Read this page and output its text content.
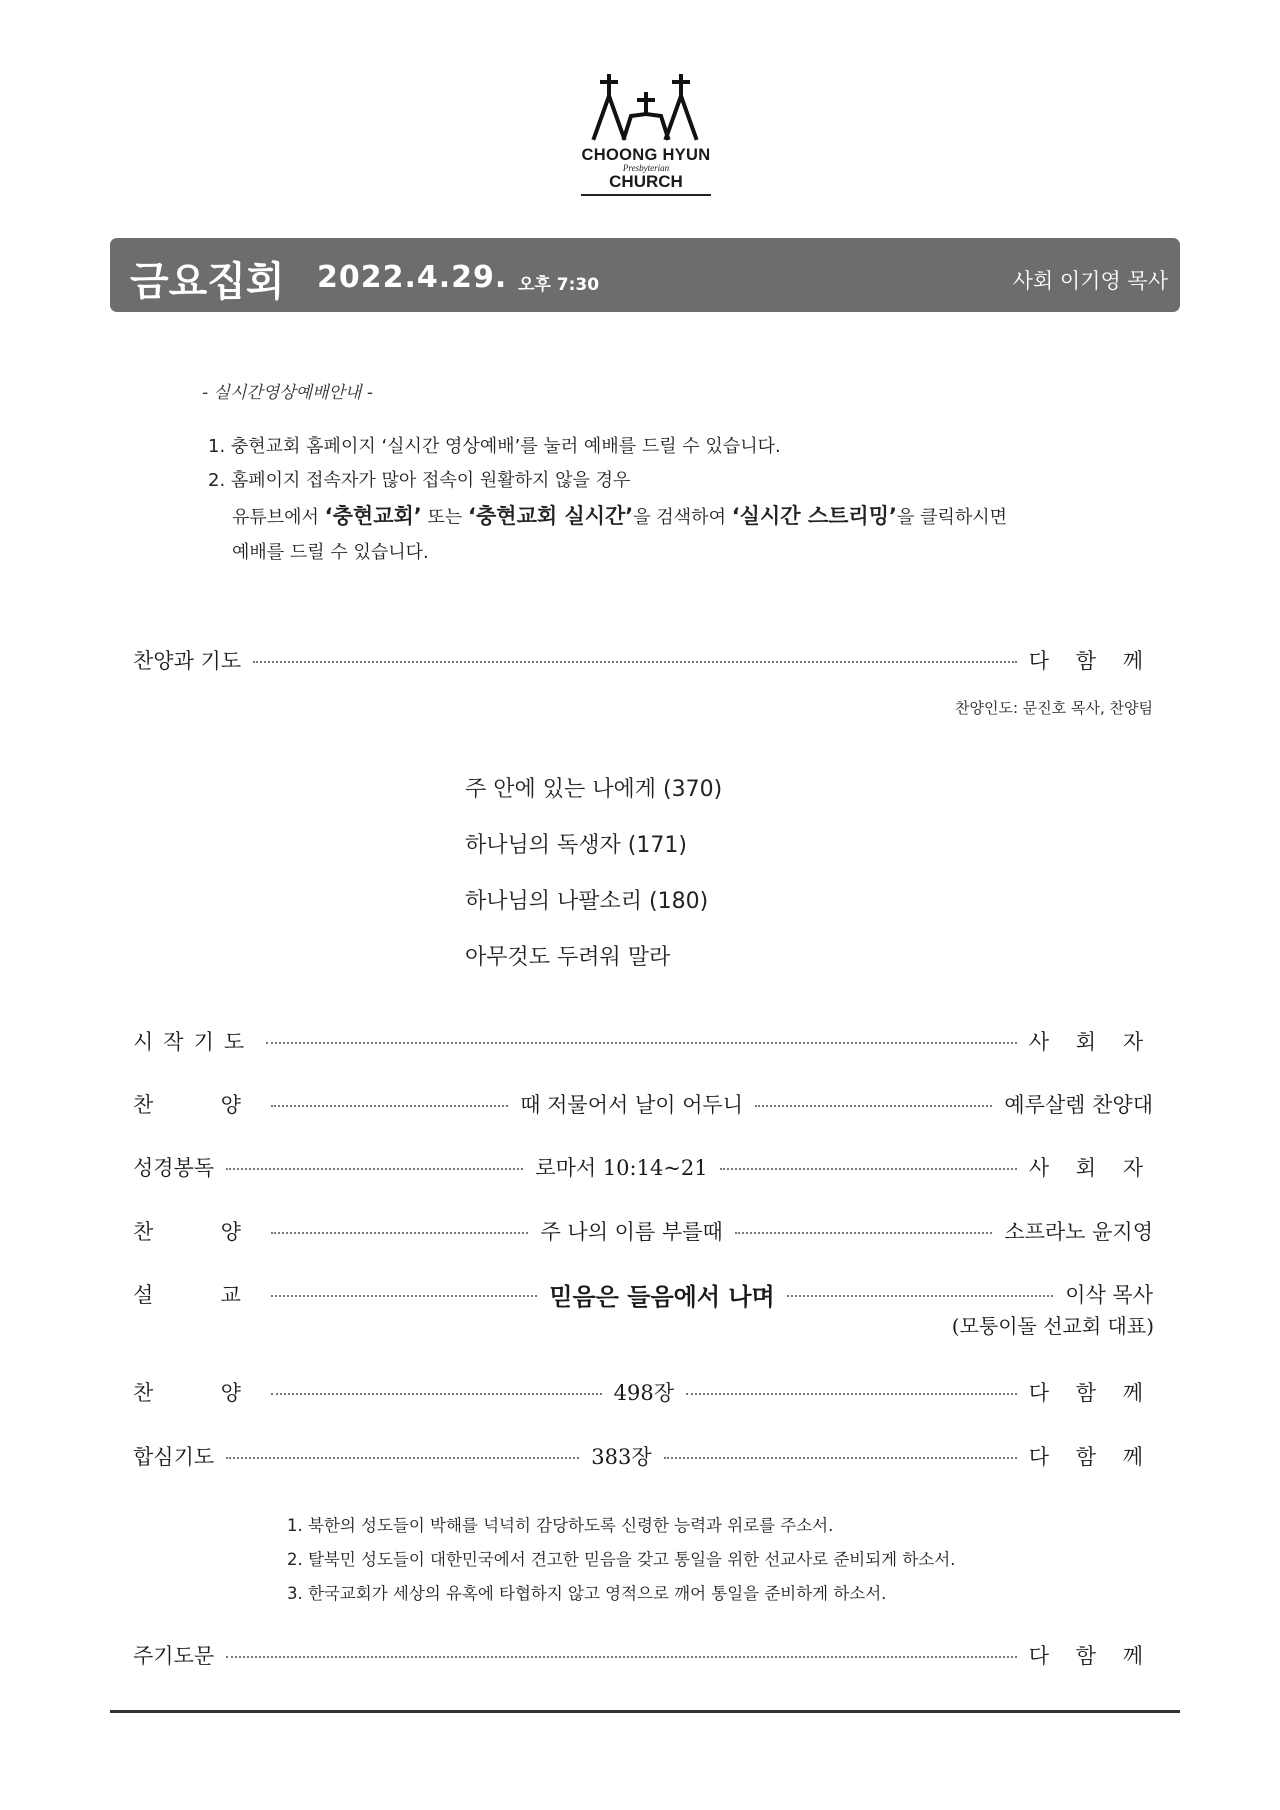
CHOONG HYUN
Presbyterian
CHURCH
금요집회 2022.4.29. 오후 7:30	사회 이기영 목사
- 실시간영상예배안내 -
1. 충현교회 홈페이지 ‘실시간 영상예배’를 눌러 예배를 드릴 수 있습니다.
2. 홈페이지 접속자가 많아 접속이 원활하지 않을 경우
유튜브에서 ‘충현교회’ 또는 ‘충현교회 실시간’을 검색하여 ‘실시간 스트리밍’을 클릭하시면
예배를 드릴 수 있습니다.
찬양과 기도	다 함 께
찬양인도: 문진호 목사, 찬양팀
주 안에 있는 나에게 (370)
하나님의 독생자 (171)
하나님의 나팔소리 (180)
아무것도 두려워 말라
시작기도	사 회 자
찬  양	때 저물어서 날이 어두니	예루살렘 찬양대
성경봉독	로마서 10:14~21	사 회 자
찬  양	주 나의 이름 부를때	소프라노 윤지영
설  교	믿음은 들음에서 나며	이삭 목사
(모퉁이돌 선교회 대표)
찬  양	498장	다 함 께
합심기도	383장	다 함 께
1. 북한의 성도들이 박해를 넉넉히 감당하도록 신령한 능력과 위로를 주소서.
2. 탈북민 성도들이 대한민국에서 견고한 믿음을 갖고 통일을 위한 선교사로 준비되게 하소서.
3. 한국교회가 세상의 유혹에 타협하지 않고 영적으로 깨어 통일을 준비하게 하소서.
주기도문	다 함 께
